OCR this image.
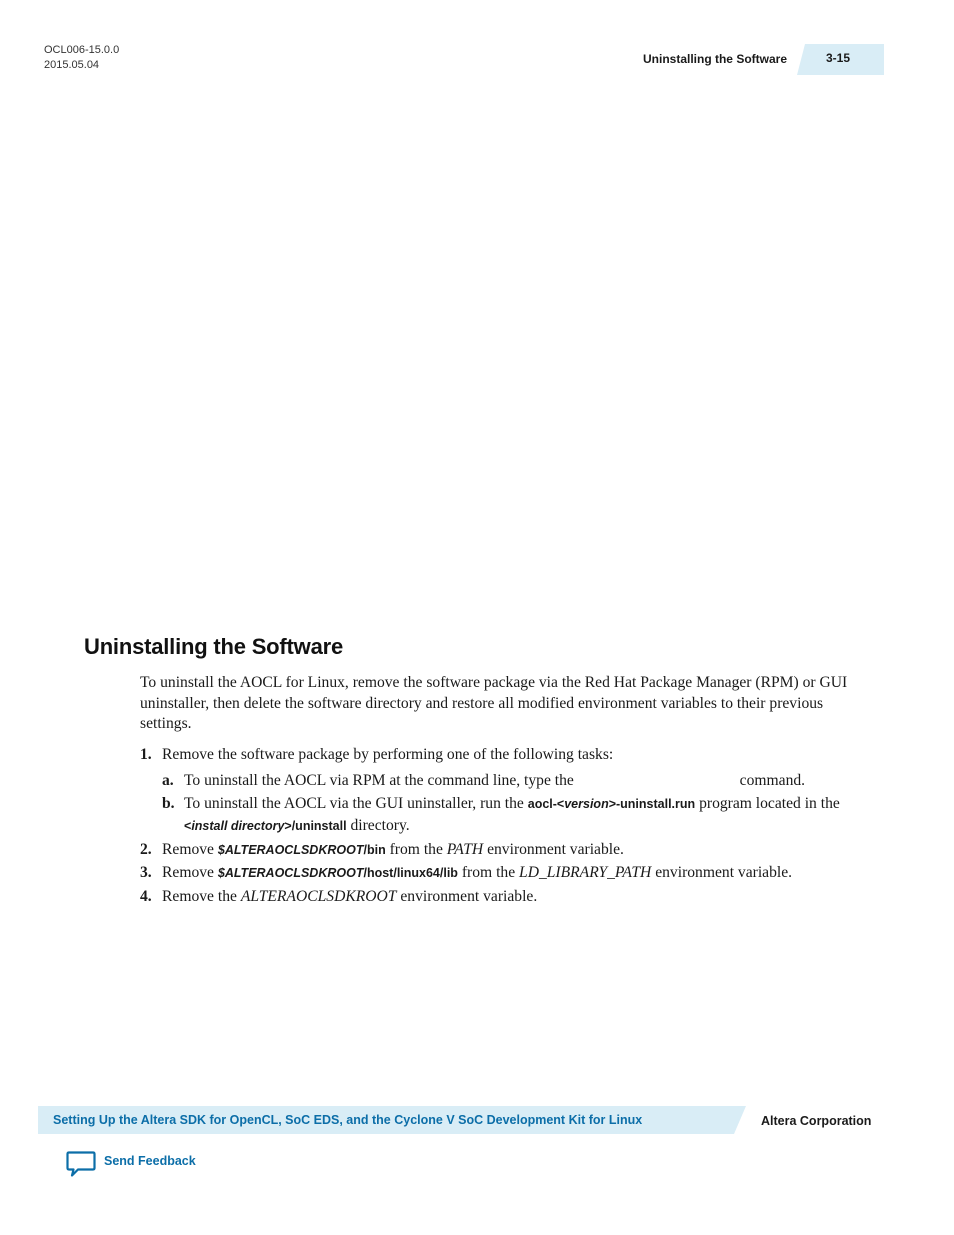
OCL006-15.0.0
2015.05.04	Uninstalling the Software	3-15
Uninstalling the Software

To uninstall the AOCL for Linux, remove the software package via the Red Hat Package Manager (RPM) or GUI uninstaller, then delete the software directory and restore all modified environment variables to their previous settings.

1. Remove the software package by performing one of the following tasks:
a. To uninstall the AOCL via RPM at the command line, type the	command.
b. To uninstall the AOCL via the GUI uninstaller, run the aocl-<version>-uninstall.run program located in the <install directory>/uninstall directory.
2. Remove $ALTERAOCLSDKROOT/bin from the PATH environment variable.
3. Remove $ALTERAOCLSDKROOT/host/linux64/lib from the LD_LIBRARY_PATH environment variable.
4. Remove the ALTERAOCLSDKROOT environment variable.
Setting Up the Altera SDK for OpenCL, SoC EDS, and the Cyclone V SoC Development Kit for Linux	Altera Corporation
Send Feedback
